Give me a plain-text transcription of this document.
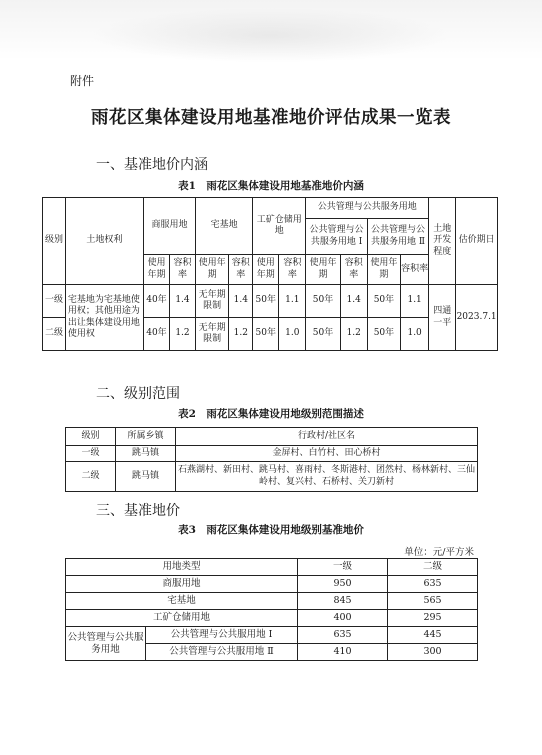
附件
雨花区集体建设用地基准地价评估成果一览表
一、基准地价内涵
表1　雨花区集体建设用地基准地价内涵
级别	土地权利	商服用地		宅基地		工矿仓储用地		公共管理与公共服务用地				土地开发程度	估价期日
								公共管理与公共服务用地 Ⅰ		公共管理与公共服务用地 Ⅱ			
		使用年期	容积率	使用年期	容积率	使用年期	容积率	使用年期	容积率	使用年期	容积率		
一级	宅基地为宅基地使用权；其他用途为出让集体建设用地使用权	40年	1.4	无年期限制	1.4	50年	1.1	50年	1.4	50年	1.1	四通一平	2023.7.1
二级		40年	1.2	无年期限制	1.2	50年	1.0	50年	1.2	50年	1.0		
二、级别范围
表2　雨花区集体建设用地级别范围描述
级别	所属乡镇	行政村/社区名
一级	跳马镇	金屏村、白竹村、田心桥村
二级	跳马镇	石燕湖村、新田村、跳马村、喜雨村、冬斯港村、团然村、杨林新村、三仙岭村、复兴村、石桥村、关刀新村
三、基准地价
表3　雨花区集体建设用地级别基准地价
单位：元/平方米
用地类型		一级	二级
商服用地		950	635
宅基地		845	565
工矿仓储用地		400	295
公共管理与公共服务用地	公共管理与公共服用地 Ⅰ	635	445
	公共管理与公共服用地 Ⅱ	410	300
